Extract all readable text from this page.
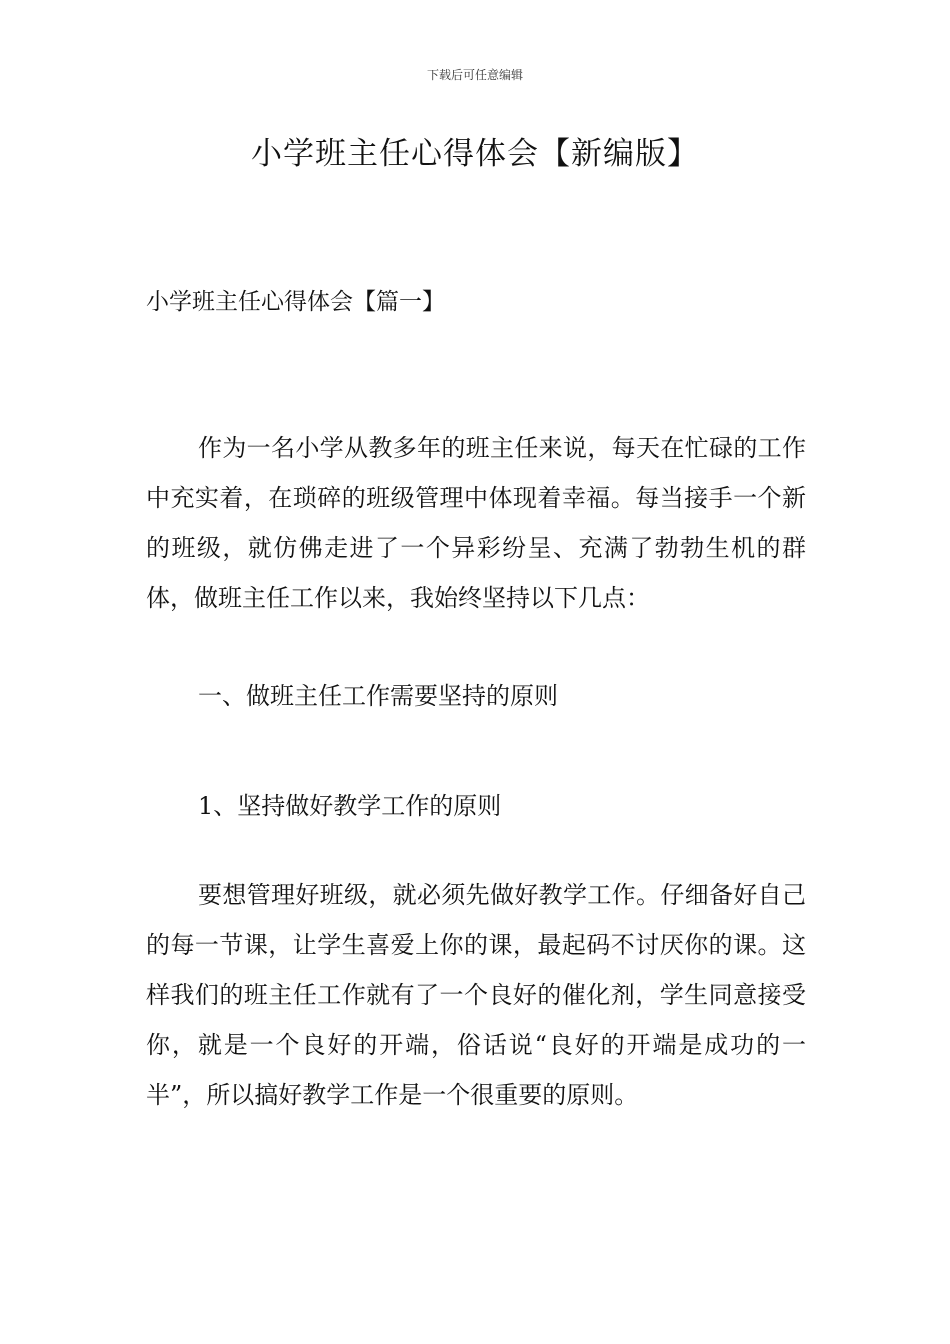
下载后可任意编辑
小学班主任心得体会【新编版】
小学班主任心得体会【篇一】
作为一名小学从教多年的班主任来说，每天在忙碌的工作中充实着，在琐碎的班级管理中体现着幸福。每当接手一个新的班级，就仿佛走进了一个异彩纷呈、充满了勃勃生机的群体，做班主任工作以来，我始终坚持以下几点：
一、做班主任工作需要坚持的原则
1、坚持做好教学工作的原则
要想管理好班级，就必须先做好教学工作。仔细备好自己的每一节课，让学生喜爱上你的课，最起码不讨厌你的课。这样我们的班主任工作就有了一个良好的催化剂，学生同意接受你，就是一个良好的开端，俗话说“良好的开端是成功的一半”，所以搞好教学工作是一个很重要的原则。
